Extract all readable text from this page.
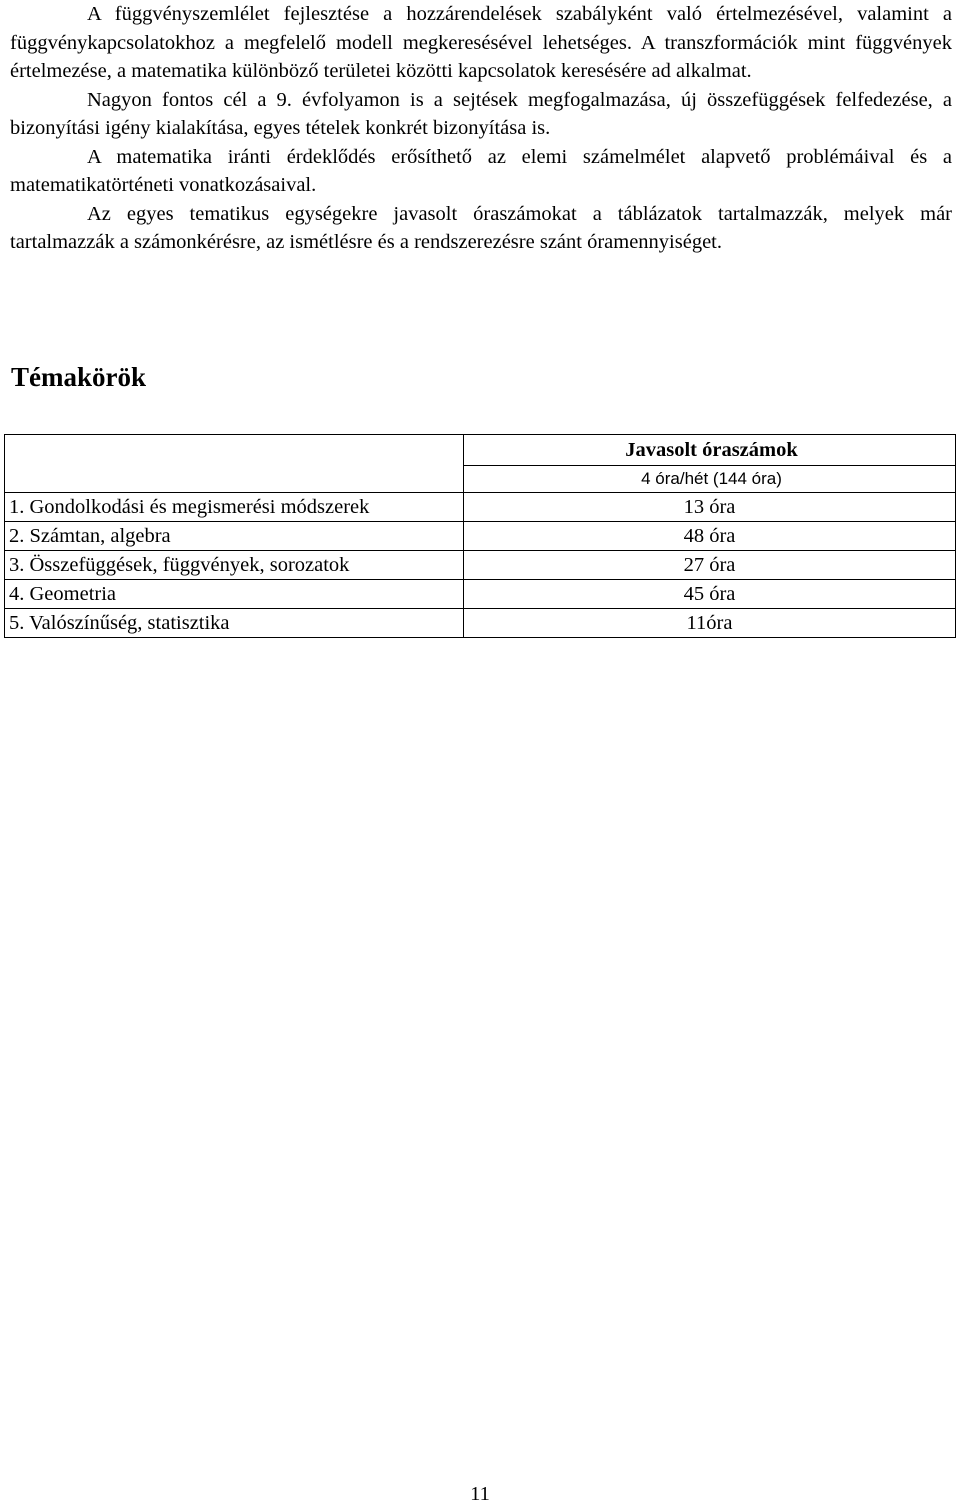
A függvényszemlélet fejlesztése a hozzárendelések szabályként való értelmezésével, valamint a függvénykapcsolatokhoz a megfelelő modell megkeresésével lehetséges. A transzformációk mint függvények értelmezése, a matematika különböző területei közötti kapcsolatok keresésére ad alkalmat.

Nagyon fontos cél a 9. évfolyamon is a sejtések megfogalmazása, új összefüggések felfedezése, a bizonyítási igény kialakítása, egyes tételek konkrét bizonyítása is.

A matematika iránti érdeklődés erősíthető az elemi számelmélet alapvető problémáival és a matematikatörténeti vonatkozásaival.

Az egyes tematikus egységekre javasolt óraszámokat a táblázatok tartalmazzák, melyek már tartalmazzák a számonkérésre, az ismétlésre és a rendszerezésre szánt óramennyiséget.

Témakörök

	Javasolt óraszámok

	4 óra/hét (144 óra)

1. Gondolkodási és megismerési módszerek	13 óra
2. Számtan, algebra	48 óra
3. Összefüggések, függvények, sorozatok	27 óra
4. Geometria	45 óra
5. Valószínűség, statisztika	11óra
11
